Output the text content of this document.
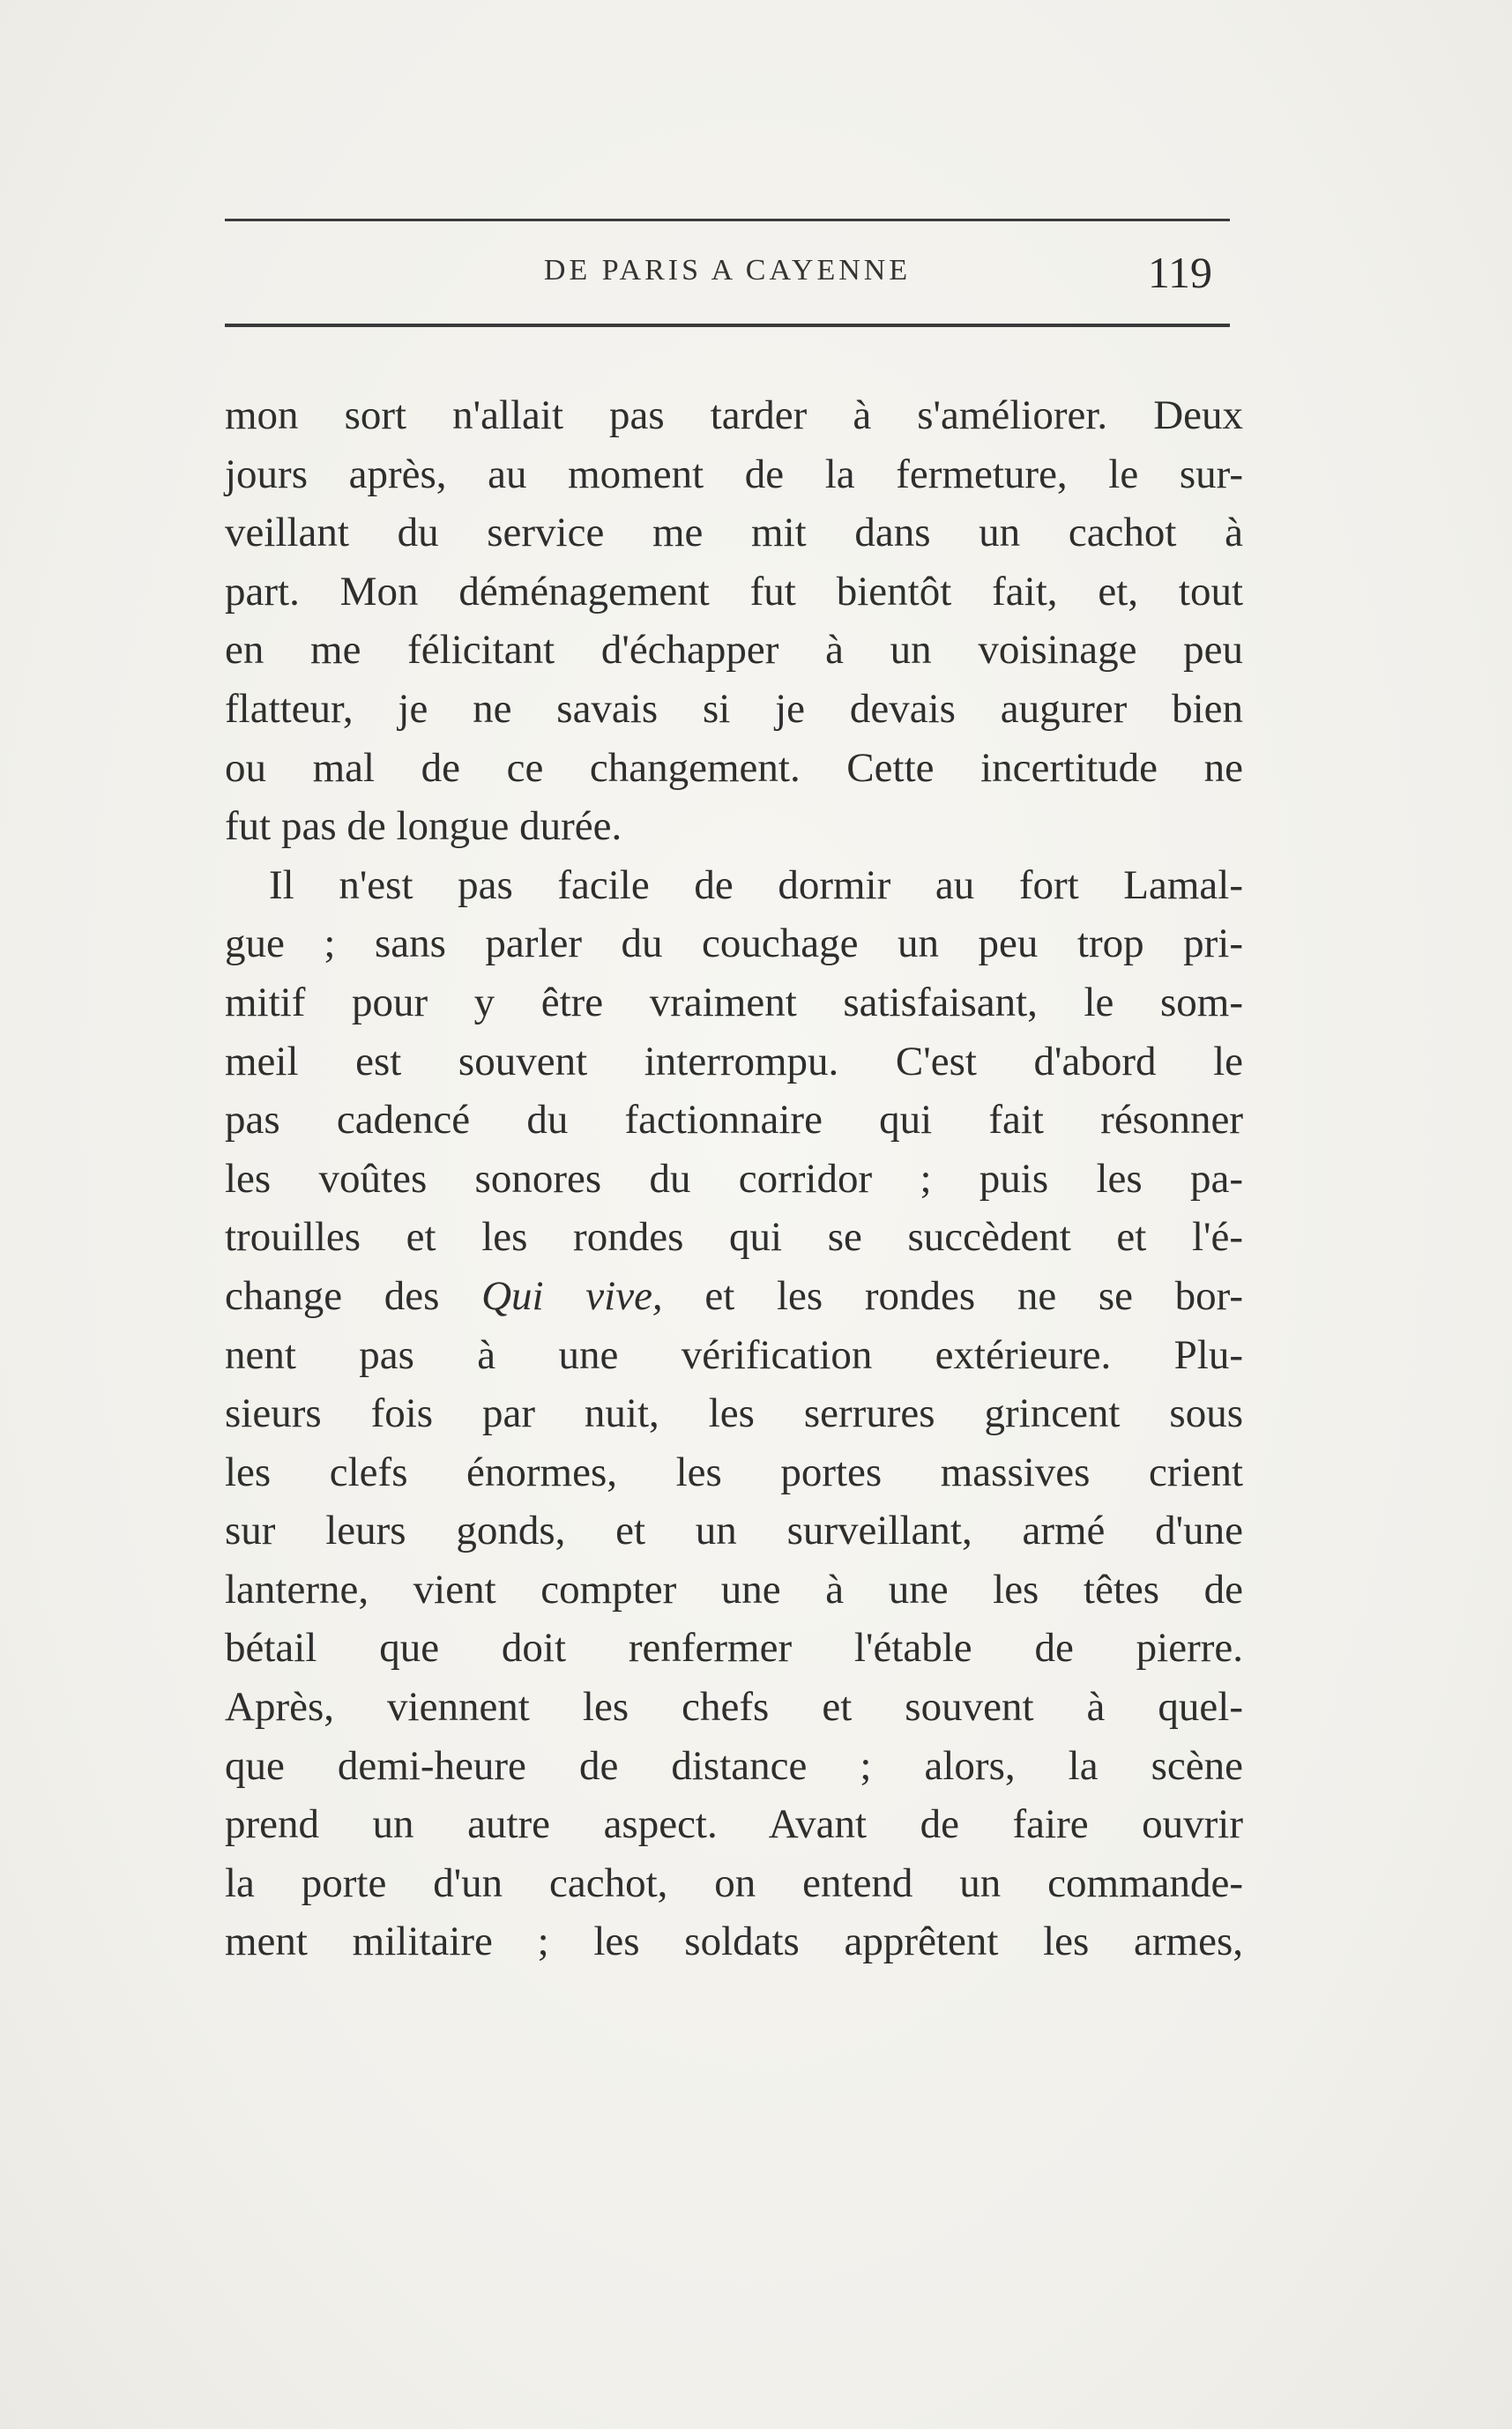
DE PARIS A CAYENNE	119
mon sort n'allait pas tarder à s'améliorer. Deux
jours après, au moment de la fermeture, le sur-
veillant du service me mit dans un cachot à
part. Mon déménagement fut bientôt fait, et, tout
en me félicitant d'échapper à un voisinage peu
flatteur, je ne savais si je devais augurer bien
ou mal de ce changement. Cette incertitude ne
fut pas de longue durée.
Il n'est pas facile de dormir au fort Lamal-
gue ; sans parler du couchage un peu trop pri-
mitif pour y être vraiment satisfaisant, le som-
meil est souvent interrompu. C'est d'abord le
pas cadencé du factionnaire qui fait résonner
les voûtes sonores du corridor ; puis les pa-
trouilles et les rondes qui se succèdent et l'é-
change des Qui vive, et les rondes ne se bor-
nent pas à une vérification extérieure. Plu-
sieurs fois par nuit, les serrures grincent sous
les clefs énormes, les portes massives crient
sur leurs gonds, et un surveillant, armé d'une
lanterne, vient compter une à une les têtes de
bétail que doit renfermer l'étable de pierre.
Après, viennent les chefs et souvent à quel-
que demi-heure de distance ; alors, la scène
prend un autre aspect. Avant de faire ouvrir
la porte d'un cachot, on entend un commande-
ment militaire ; les soldats apprêtent les armes,
